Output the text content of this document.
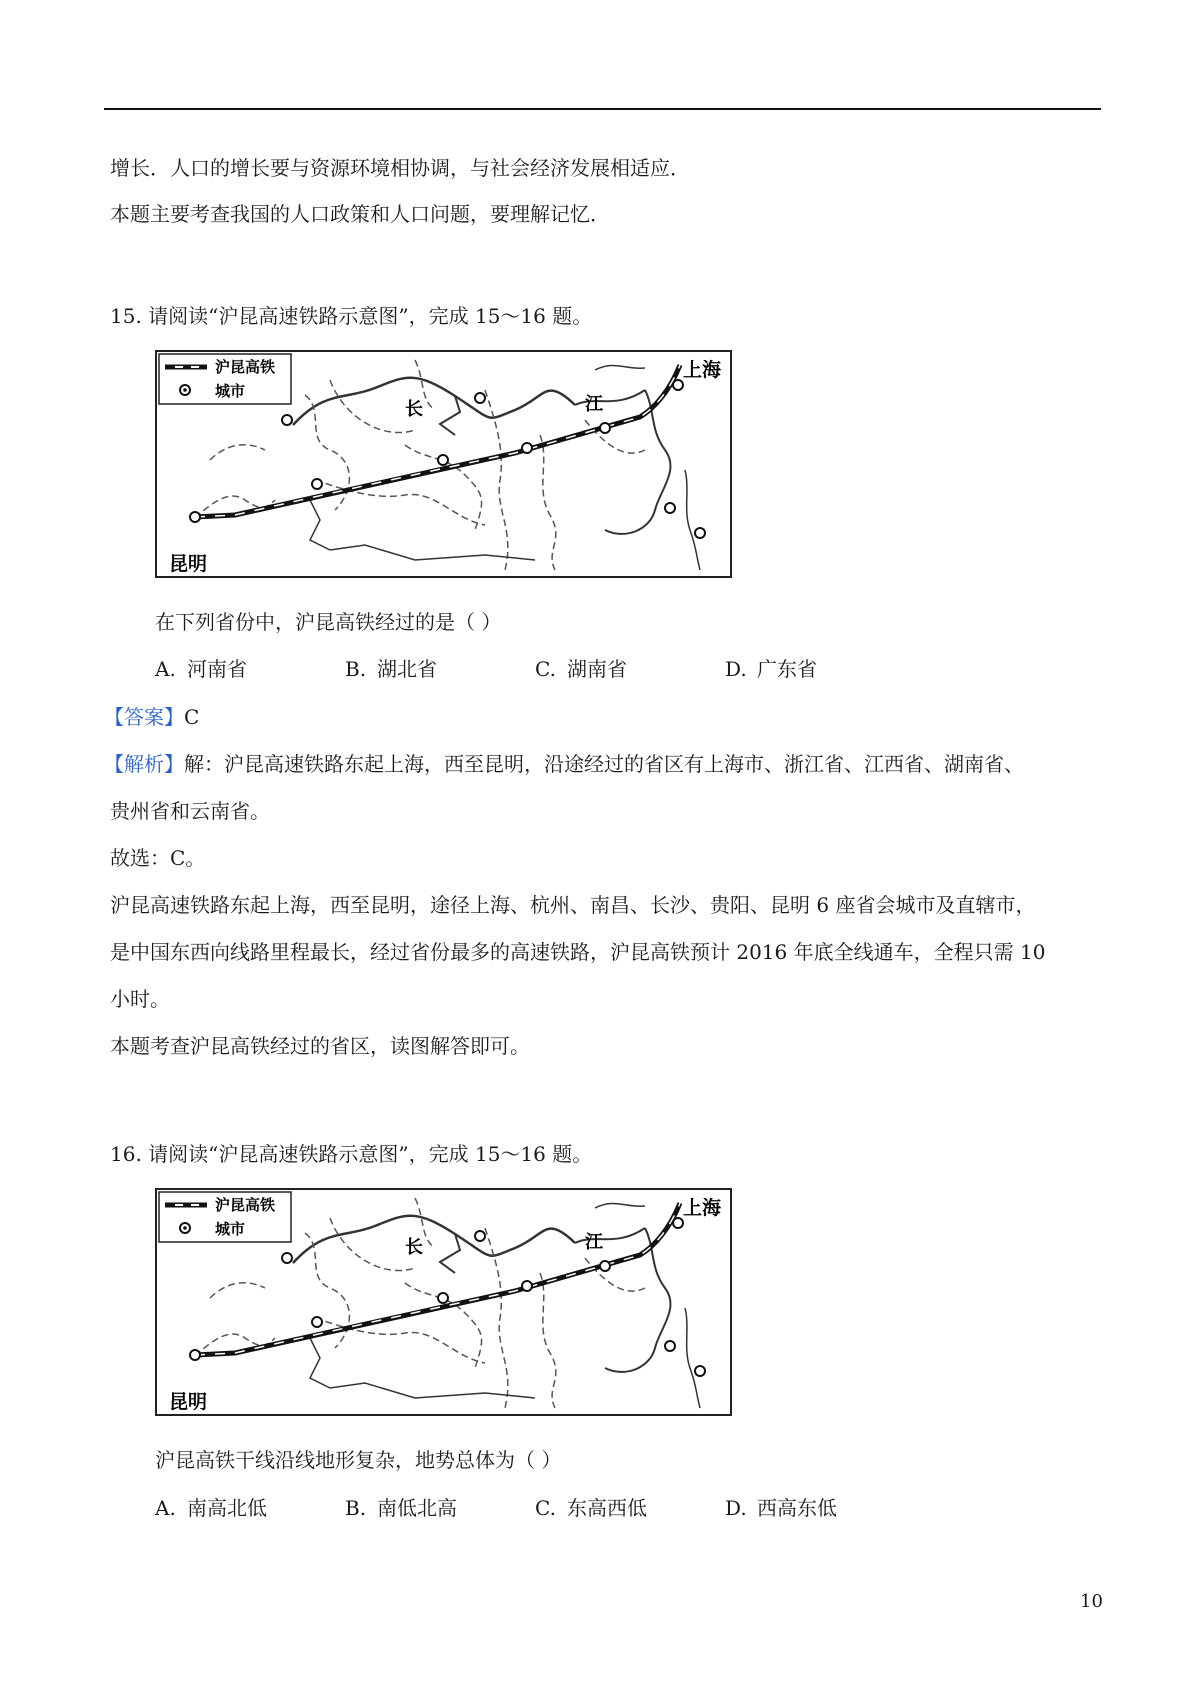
增长．人口的增长要与资源环境相协调，与社会经济发展相适应．
本题主要考查我国的人口政策和人口问题，要理解记忆．
15. 请阅读“沪昆高速铁路示意图”，完成 15～16 题。
沪昆高铁
城市
上海
昆明
长	江
在下列省份中，沪昆高铁经过的是（ ）
A. 河南省	B. 湖北省	C. 湖南省	D. 广东省
【答案】C
【解析】解：沪昆高速铁路东起上海，西至昆明，沿途经过的省区有上海市、浙江省、江西省、湖南省、
贵州省和云南省。
故选：C。
沪昆高速铁路东起上海，西至昆明，途径上海、杭州、南昌、长沙、贵阳、昆明 6 座省会城市及直辖市，
是中国东西向线路里程最长，经过省份最多的高速铁路，沪昆高铁预计 2016 年底全线通车，全程只需 10
小时。
本题考查沪昆高铁经过的省区，读图解答即可。
16. 请阅读“沪昆高速铁路示意图”，完成 15～16 题。
沪昆高铁
城市
上海
昆明
长	江
沪昆高铁干线沿线地形复杂，地势总体为（ ）
A. 南高北低	B. 南低北高	C. 东高西低	D. 西高东低
10
